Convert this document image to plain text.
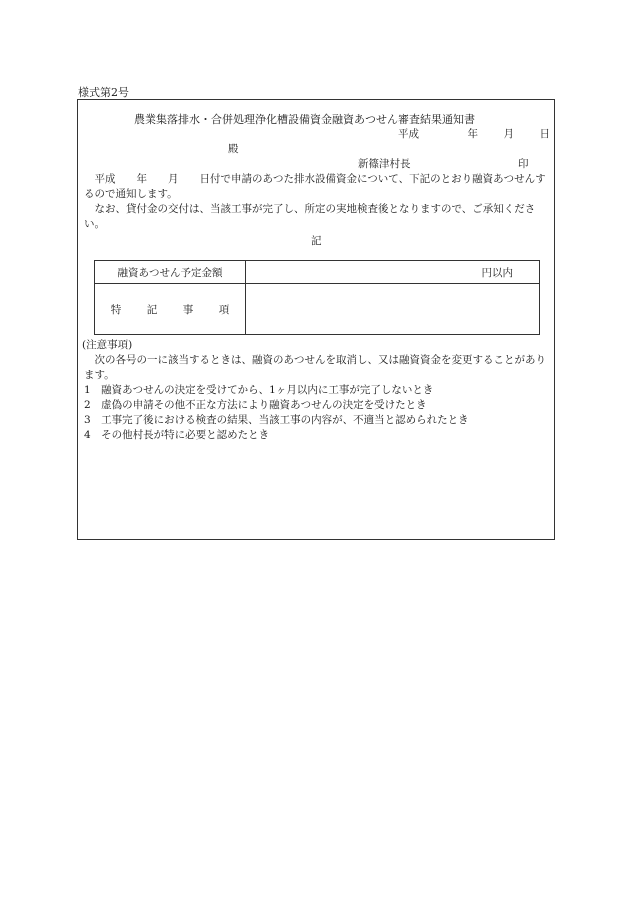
様式第2号
農業集落排水・合併処理浄化槽設備資金融資あつせん審査結果通知書
平成	年 月 日
殿
新篠津村長	印
　平成　　年　　月　　日付で申請のあつた排水設備資金について、下記のとおり融資あつせんするので通知します。
　なお、貸付金の交付は、当該工事が完了し、所定の実地検査後となりますので、ご承知ください。
記
融資あつせん予定金額	円以内
特 記 事 項	
(注意事項)
　次の各号の一に該当するときは、融資のあつせんを取消し、又は融資資金を変更することがあります。
1　融資あつせんの決定を受けてから、1ヶ月以内に工事が完了しないとき
2　虚偽の申請その他不正な方法により融資あつせんの決定を受けたとき
3　工事完了後における検査の結果、当該工事の内容が、不適当と認められたとき
4　その他村長が特に必要と認めたとき
